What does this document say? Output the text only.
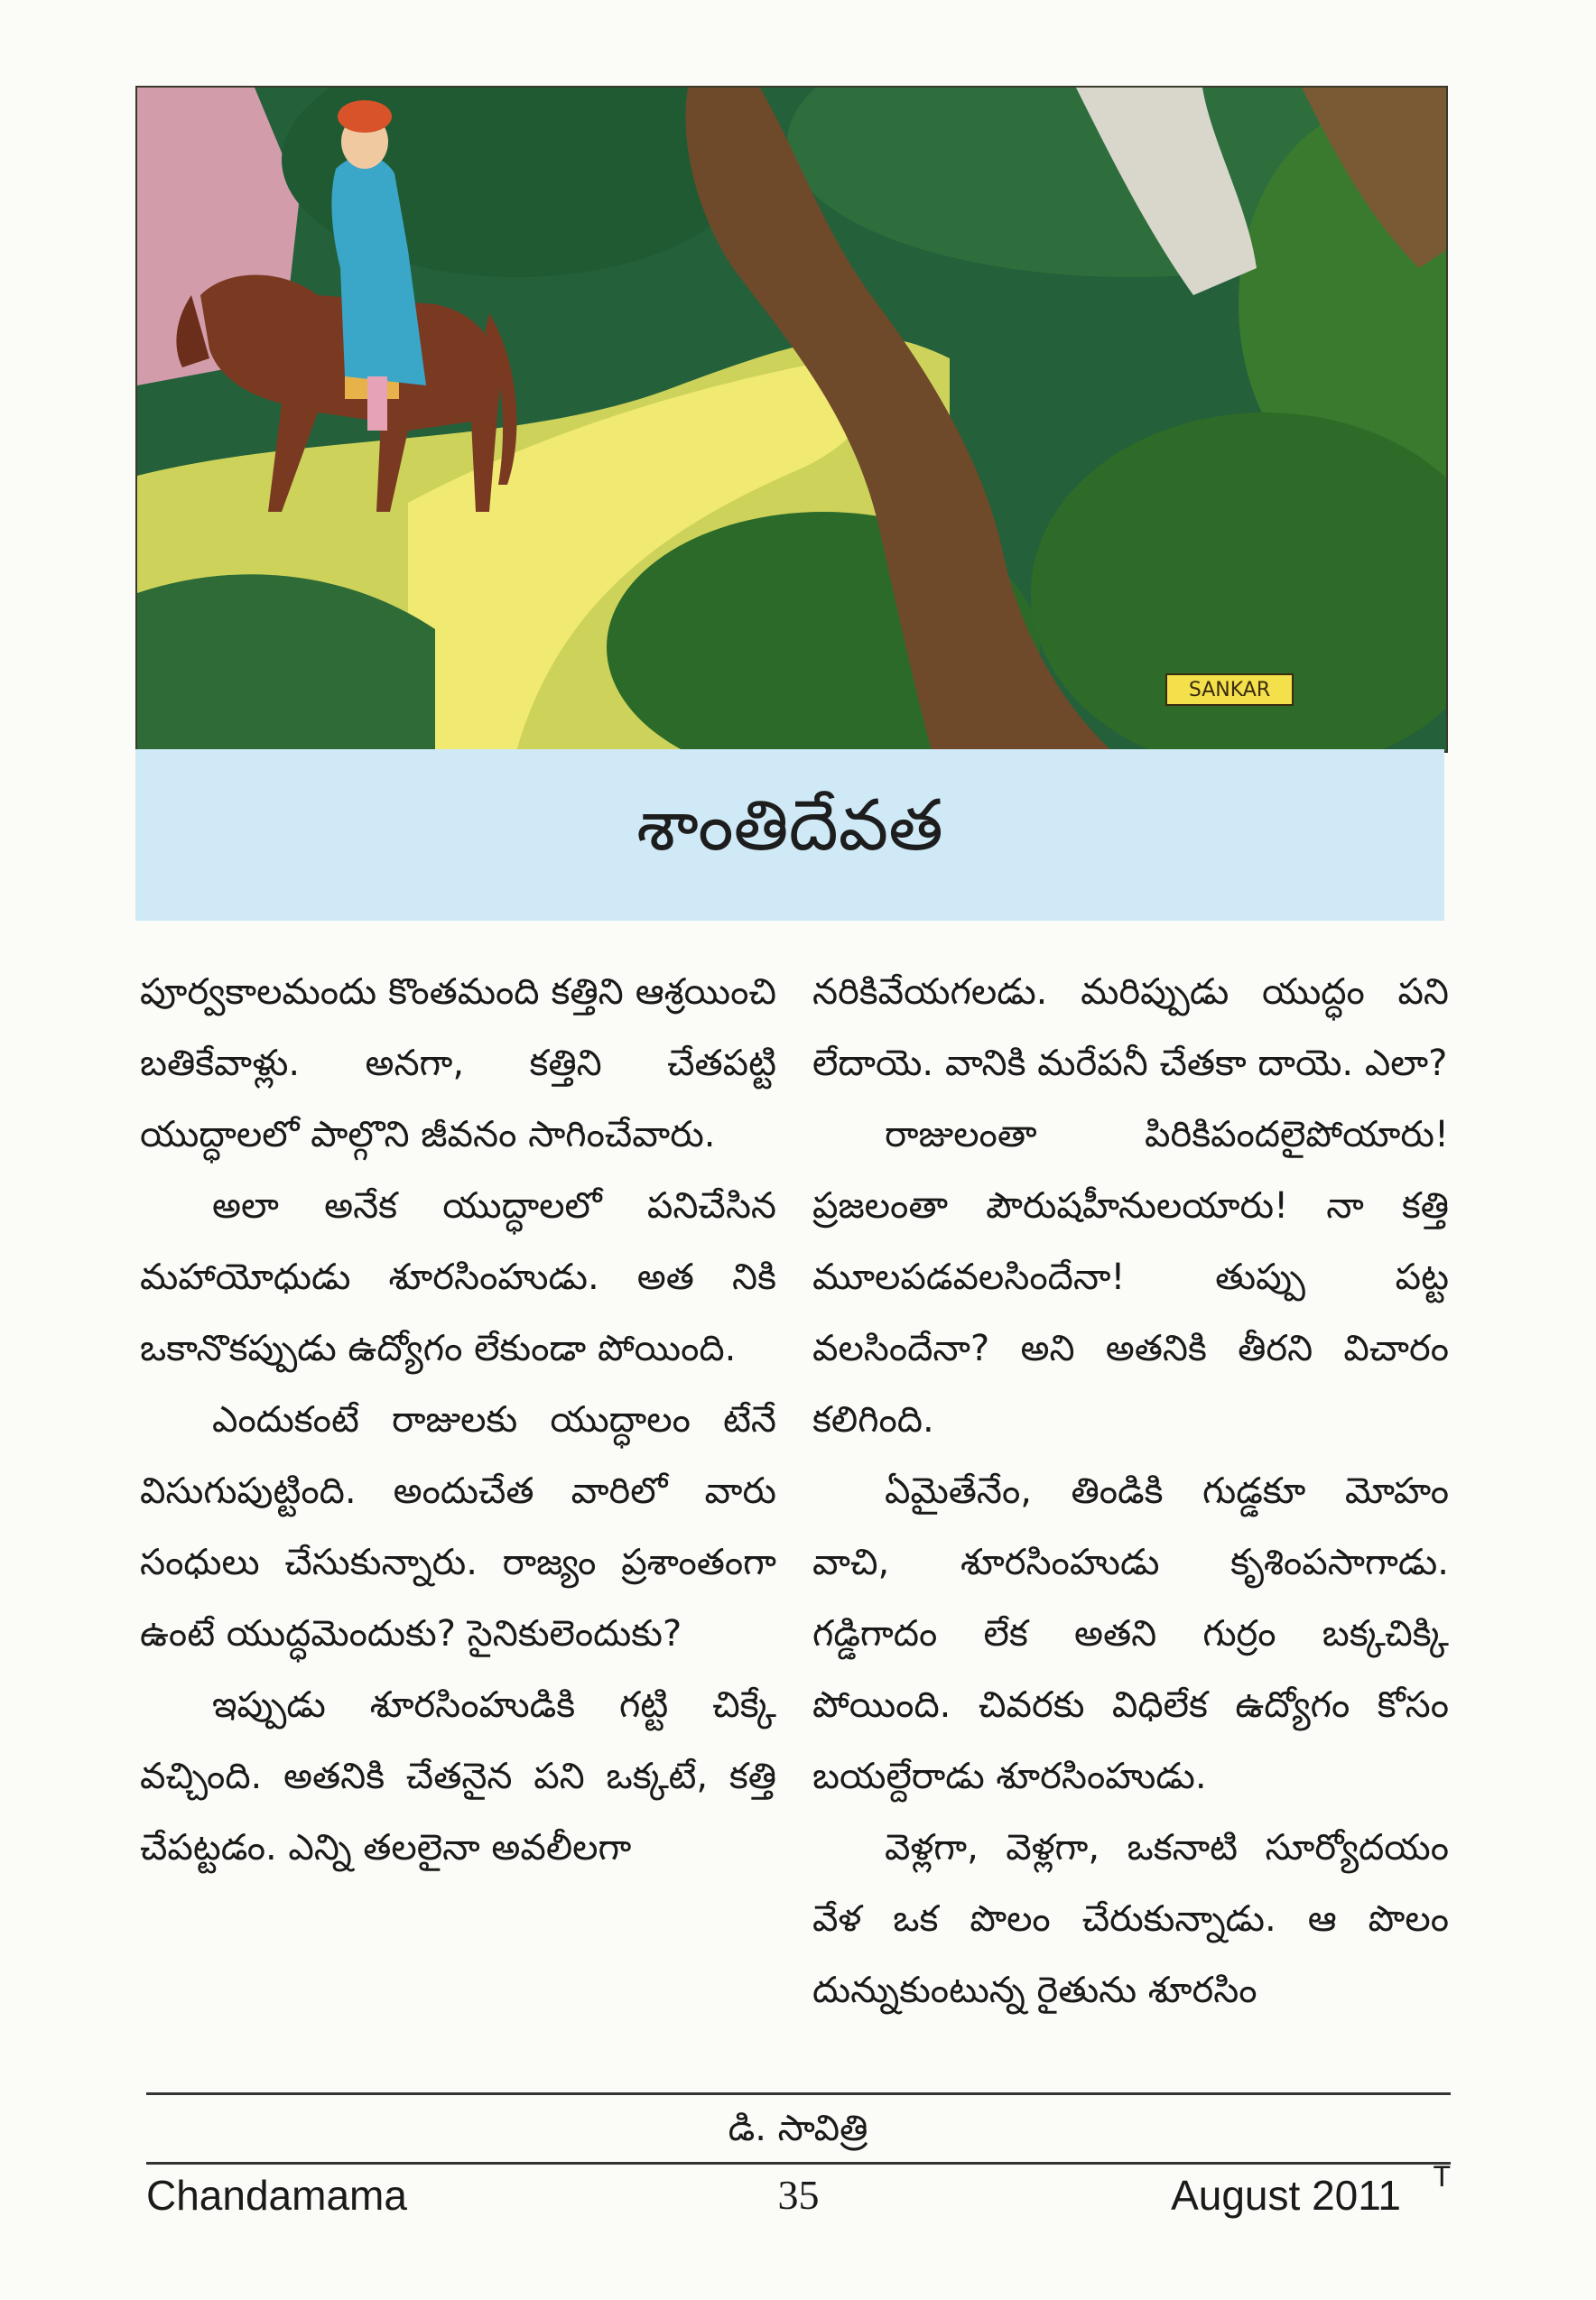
SANKAR
శాంతిదేవత

పూర్వకాలమందు కొంతమంది కత్తిని ఆశ్రయించి బతికేవాళ్లు. అనగా, కత్తిని చేతపట్టి యుద్ధాలలో పాల్గొని జీవనం సాగించేవారు.

అలా అనేక యుద్ధాలలో పనిచేసిన మహాయోధుడు శూరసింహుడు. అత నికి ఒకానొకప్పుడు ఉద్యోగం లేకుండా పోయింది.

ఎందుకంటే రాజులకు యుద్ధాలం టేనే విసుగుపుట్టింది. అందుచేత వారిలో వారు సంధులు చేసుకున్నారు. రాజ్యం ప్రశాంతంగా ఉంటే యుద్ధమెందుకు? సైనికులెందుకు?

ఇప్పుడు శూరసింహుడికి గట్టి చిక్కే వచ్చింది. అతనికి చేతనైన పని ఒక్కటే, కత్తి చేపట్టడం. ఎన్ని తలలైనా అవలీలగా

నరికివేయగలడు. మరిప్పుడు యుద్ధం పని లేదాయె. వానికి మరేపనీ చేతకా దాయె. ఎలా?

రాజులంతా పిరికిపందలైపోయారు! ప్రజలంతా పౌరుషహీనులయారు! నా కత్తి మూలపడవలసిందేనా! తుప్పు పట్ట వలసిందేనా? అని అతనికి తీరని విచారం కలిగింది.

ఏమైతేనేం, తిండికి గుడ్డకూ మోహం వాచి, శూరసింహుడు కృశింపసాగాడు. గడ్డిగాదం లేక అతని గుర్రం బక్కచిక్కి పోయింది. చివరకు విధిలేక ఉద్యోగం కోసం బయల్దేరాడు శూరసింహుడు.

వెళ్లగా, వెళ్లగా, ఒకనాటి సూర్యోదయం వేళ ఒక పొలం చేరుకున్నాడు. ఆ పొలం దున్నుకుంటున్న రైతును శూరసిం

డి. సావిత్రి
Chandamama	35	August 2011 T
